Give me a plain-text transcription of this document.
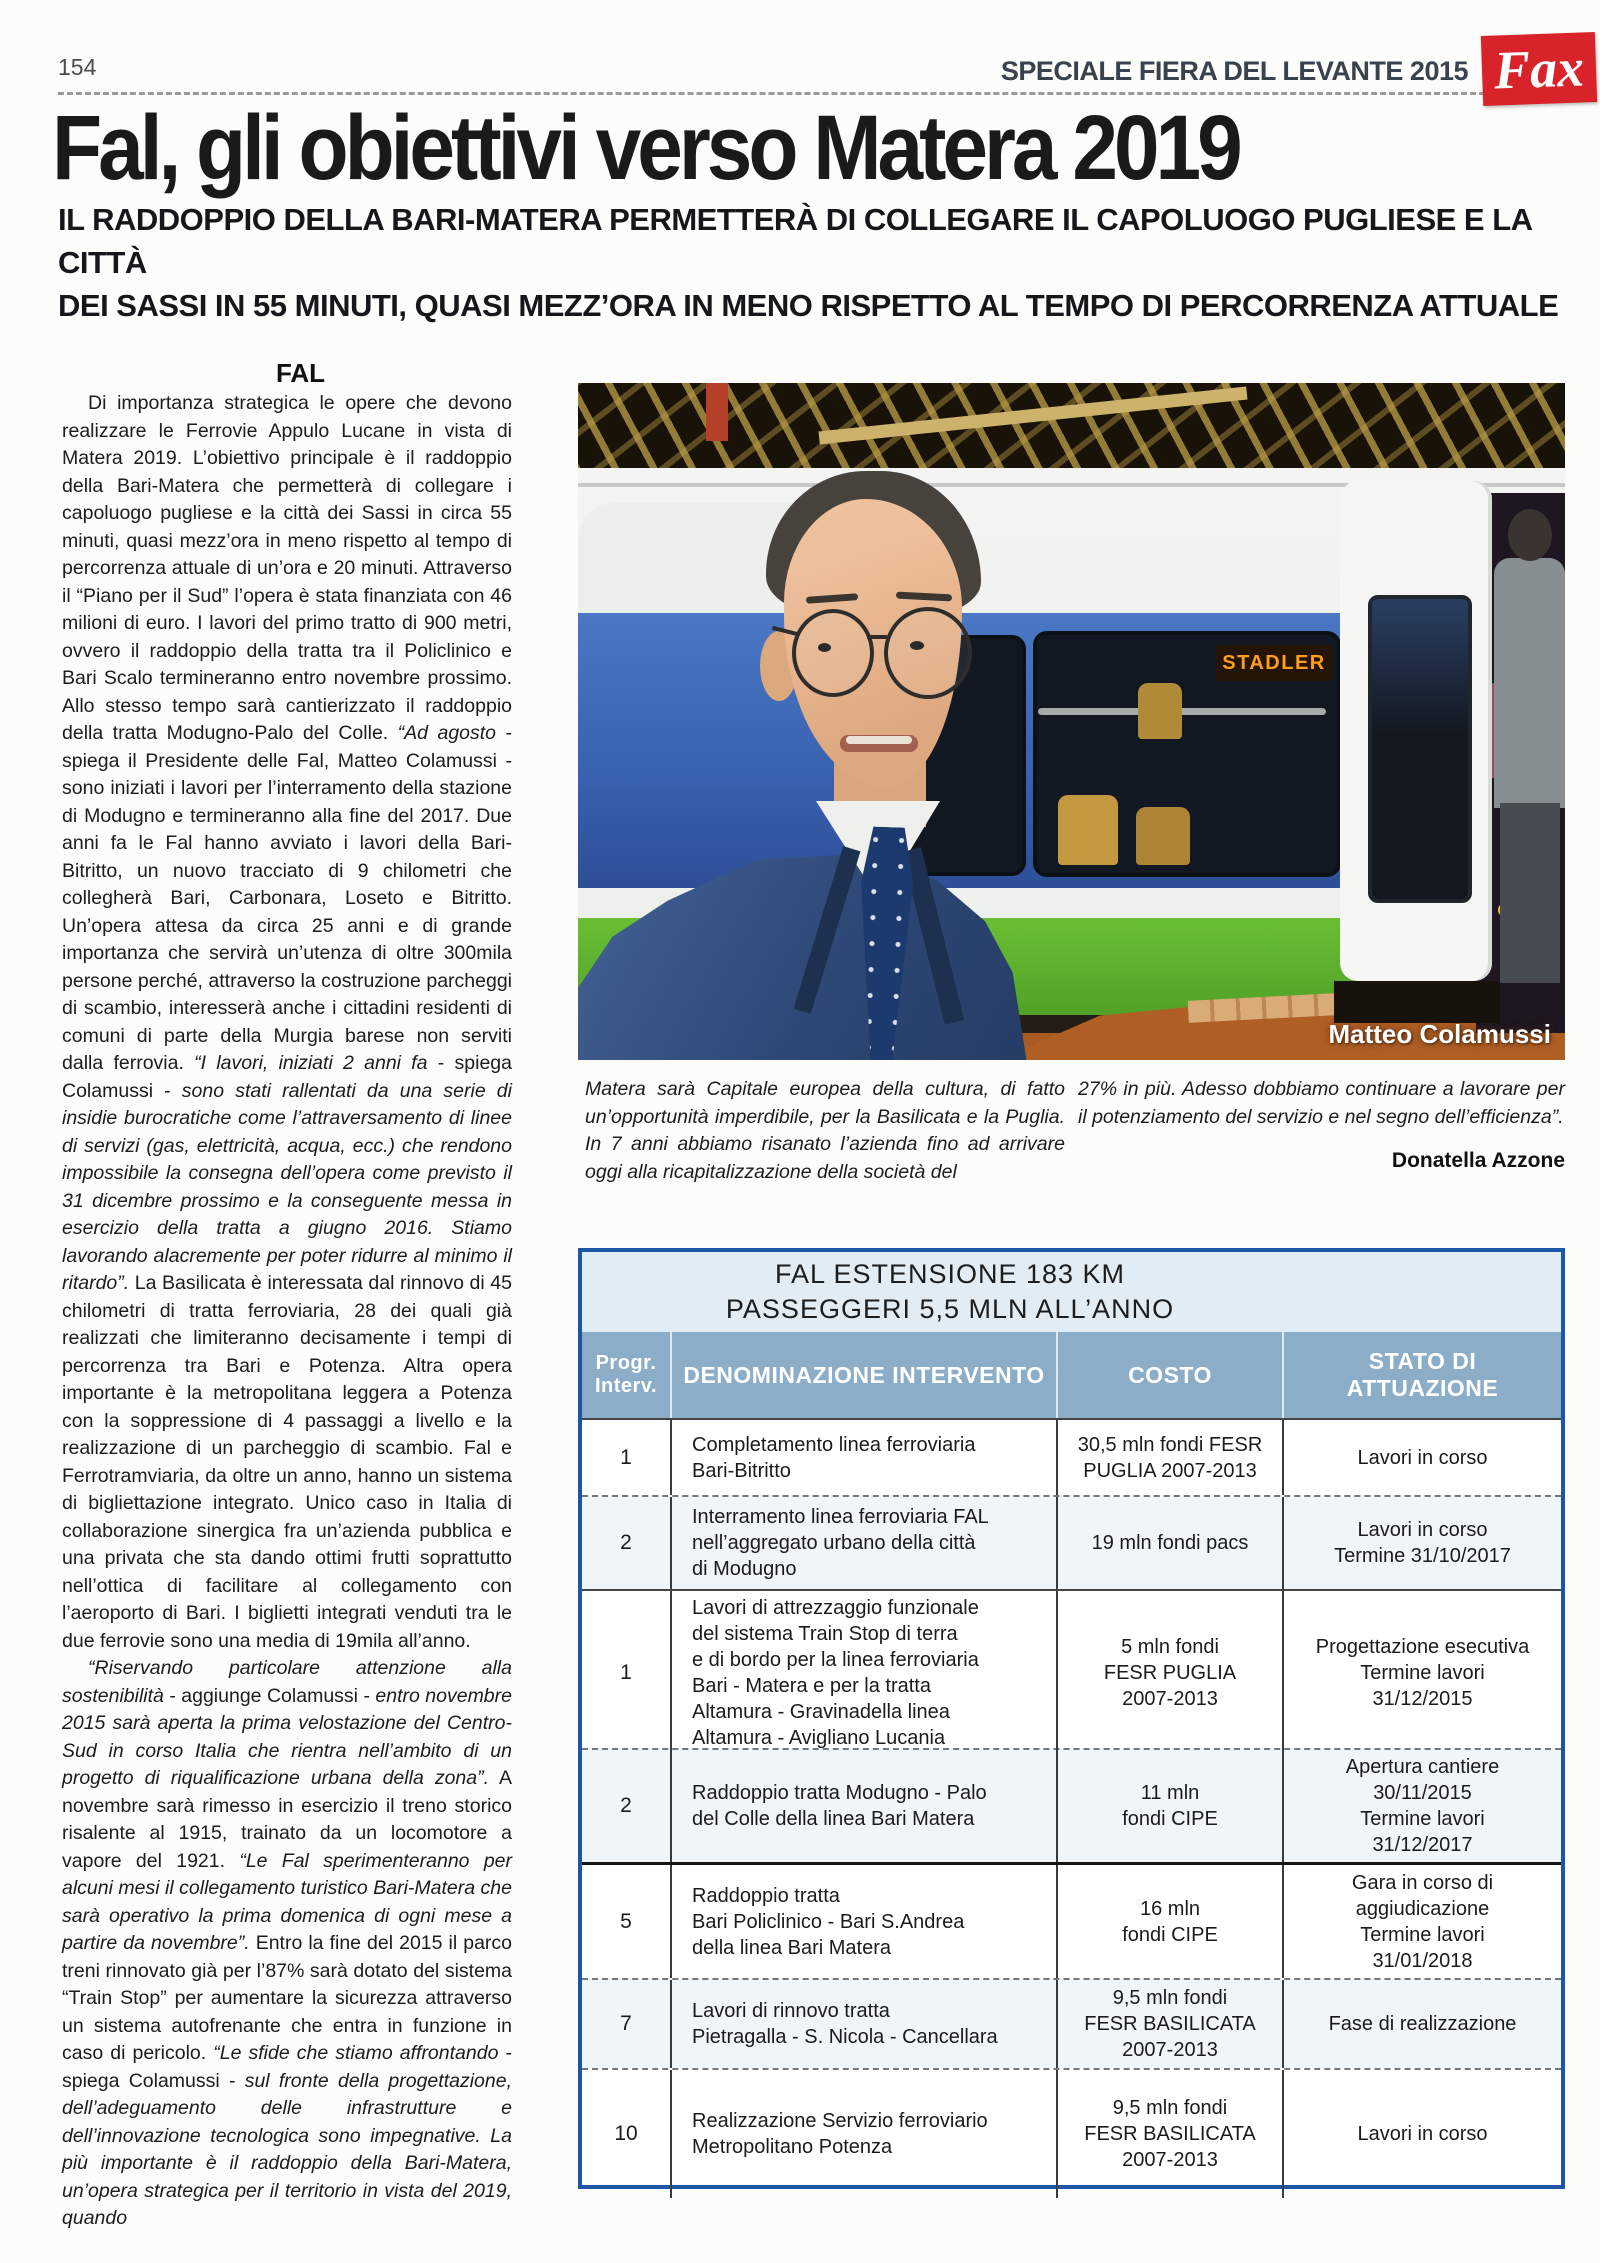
154	SPECIALE FIERA DEL LEVANTE 2015 Fax
Fal, gli obiettivi verso Matera 2019
IL RADDOPPIO DELLA BARI-MATERA PERMETTERÀ DI COLLEGARE IL CAPOLUOGO PUGLIESE E LA CITTÀ
DEI SASSI IN 55 MINUTI, QUASI MEZZ’ORA IN MENO RISPETTO AL TEMPO DI PERCORRENZA ATTUALE
FAL

Di importanza strategica le opere che devono realizzare le Ferrovie Appulo Lucane in vista di Matera 2019. L’obiettivo principale è il raddoppio della Bari-Matera che permetterà di collegare i capoluogo pugliese e la città dei Sassi in circa 55 minuti, quasi mezz’ora in meno rispetto al tempo di percorrenza attuale di un’ora e 20 minuti. Attraverso il “Piano per il Sud” l’opera è stata finanziata con 46 milioni di euro. I lavori del primo tratto di 900 metri, ovvero il raddoppio della tratta tra il Policlinico e Bari Scalo termineranno entro novembre prossimo. Allo stesso tempo sarà cantierizzato il raddoppio della tratta Modugno-Palo del Colle. “Ad agosto - spiega il Presidente delle Fal, Matteo Colamussi - sono iniziati i lavori per l’interramento della stazione di Modugno e termineranno alla fine del 2017. Due anni fa le Fal hanno avviato i lavori della Bari-Bitritto, un nuovo tracciato di 9 chilometri che collegherà Bari, Carbonara, Loseto e Bitritto. Un’opera attesa da circa 25 anni e di grande importanza che servirà un’utenza di oltre 300mila persone perché, attraverso la costruzione parcheggi di scambio, interesserà anche i cittadini residenti di comuni di parte della Murgia barese non serviti dalla ferrovia. “I lavori, iniziati 2 anni fa - spiega Colamussi - sono stati rallentati da una serie di insidie burocratiche come l’attraversamento di linee di servizi (gas, elettricità, acqua, ecc.) che rendono impossibile la consegna dell’opera come previsto il 31 dicembre prossimo e la conseguente messa in esercizio della tratta a giugno 2016. Stiamo lavorando alacremente per poter ridurre al minimo il ritardo”. La Basilicata è interessata dal rinnovo di 45 chilometri di tratta ferroviaria, 28 dei quali già realizzati che limiteranno decisamente i tempi di percorrenza tra Bari e Potenza. Altra opera importante è la metropolitana leggera a Potenza con la soppressione di 4 passaggi a livello e la realizzazione di un parcheggio di scambio. Fal e Ferrotramviaria, da oltre un anno, hanno un sistema di bigliettazione integrato. Unico caso in Italia di collaborazione sinergica fra un’azienda pubblica e una privata che sta dando ottimi frutti soprattutto nell’ottica di facilitare al collegamento con l’aeroporto di Bari. I biglietti integrati venduti tra le due ferrovie sono una media di 19mila all’anno.

“Riservando particolare attenzione alla sostenibilità - aggiunge Colamussi - entro novembre 2015 sarà aperta la prima velostazione del Centro-Sud in corso Italia che rientra nell’ambito di un progetto di riqualificazione urbana della zona”. A novembre sarà rimesso in esercizio il treno storico risalente al 1915, trainato da un locomotore a vapore del 1921. “Le Fal sperimenteranno per alcuni mesi il collegamento turistico Bari-Matera che sarà operativo la prima domenica di ogni mese a partire da novembre”. Entro la fine del 2015 il parco treni rinnovato già per l’87% sarà dotato del sistema “Train Stop” per aumentare la sicurezza attraverso un sistema autofrenante che entra in funzione in caso di pericolo. “Le sfide che stiamo affrontando - spiega Colamussi - sul fronte della progettazione, dell’adeguamento delle infrastrutture e dell’innovazione tecnologica sono impegnative. La più importante è il raddoppio della Bari-Matera, un’opera strategica per il territorio in vista del 2019, quando

Matera sarà Capitale europea della cultura, di fatto un’opportunità imperdibile, per la Basilicata e la Puglia. In 7 anni abbiamo risanato l’azienda fino ad arrivare oggi alla ricapitalizzazione della società del

27% in più. Adesso dobbiamo continuare a lavorare per il potenziamento del servizio e nel segno dell’efficienza”.

Donatella Azzone
STADLER
Matteo Colamussi
FAL ESTENSIONE 183 KM
PASSEGGERI 5,5 MLN ALL’ANNO
Progr.
Interv. DENOMINAZIONE INTERVENTO	COSTO
STATO DI
ATTUAZIONE
1
Completamento linea ferroviaria
Bari-Bitritto
30,5 mln fondi FESR
PUGLIA 2007-2013
Lavori in corso
2
Interramento linea ferroviaria FAL
nell’aggregato urbano della città
di Modugno
19 mln fondi pacs
Lavori in corso
Termine 31/10/2017
1
Lavori di attrezzaggio funzionale
del sistema Train Stop di terra
e di bordo per la linea ferroviaria
Bari - Matera e per la tratta
Altamura - Gravinadella linea
Altamura - Avigliano Lucania
5 mln fondi
FESR PUGLIA
2007-2013
Progettazione esecutiva
Termine lavori
31/12/2015
2
Raddoppio tratta Modugno - Palo
del Colle della linea Bari Matera
11 mln
fondi CIPE
Apertura cantiere
30/11/2015
Termine lavori
31/12/2017
5
Raddoppio tratta
Bari Policlinico - Bari S.Andrea
della linea Bari Matera
16 mln
fondi CIPE
Gara in corso di
aggiudicazione
Termine lavori
31/01/2018
7
Lavori di rinnovo tratta
Pietragalla - S. Nicola - Cancellara
9,5 mln fondi
FESR BASILICATA
2007-2013
Fase di realizzazione
10
Realizzazione Servizio ferroviario
Metropolitano Potenza
9,5 mln fondi
FESR BASILICATA
2007-2013
Lavori in corso
